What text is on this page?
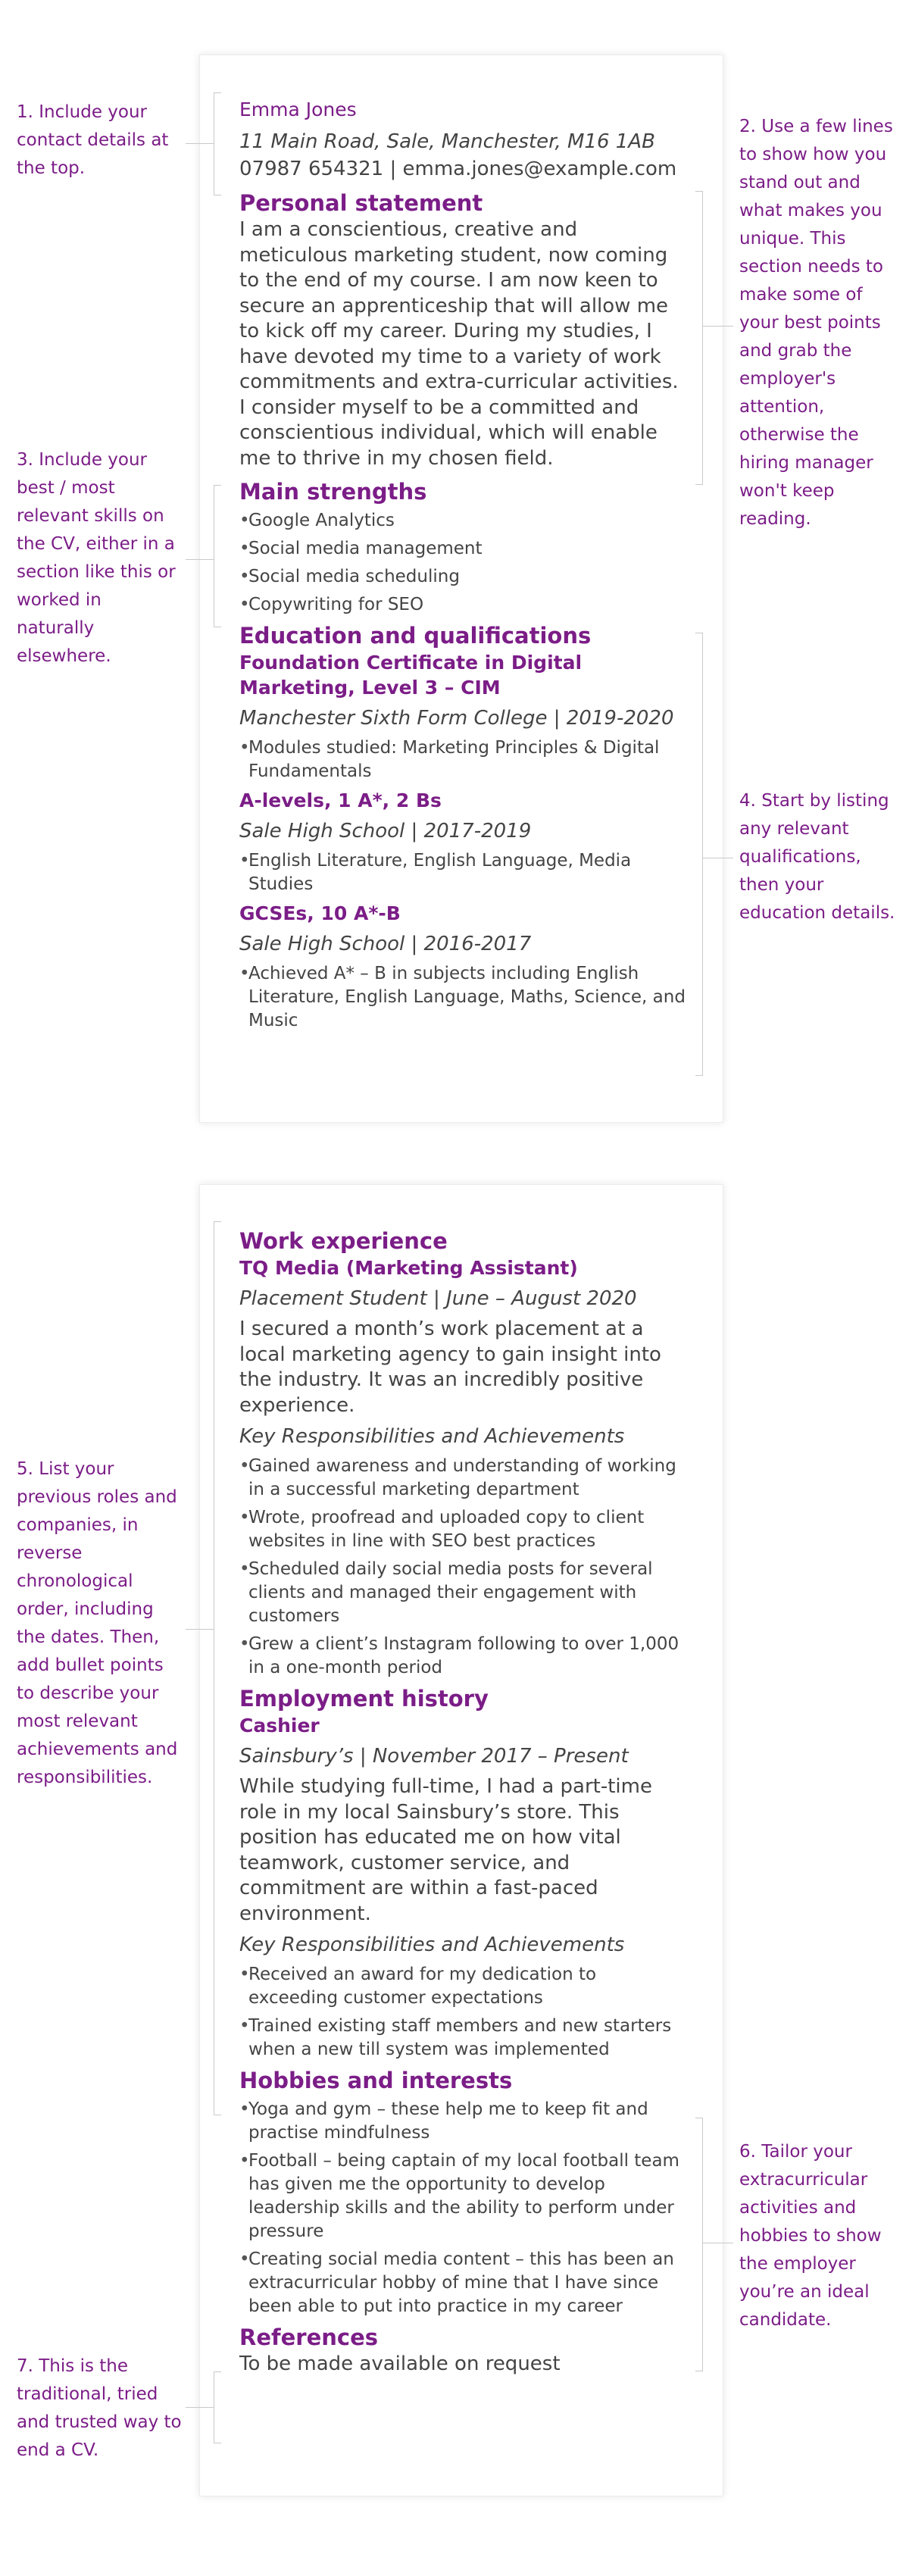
Emma Jones

11 Main Road, Sale, Manchester, M16 1AB

07987 654321 | emma.jones@example.com

Personal statement

I am a conscientious, creative and meticulous marketing student, now coming to the end of my course. I am now keen to secure an apprenticeship that will allow me to kick off my career. During my studies, I have devoted my time to a variety of work commitments and extra-curricular activities. I consider myself to be a committed and conscientious individual, which will enable me to thrive in my chosen field.

Main strengths
• Google Analytics
• Social media management
• Social media scheduling
• Copywriting for SEO
Education and qualifications
Foundation Certificate in Digital Marketing, Level 3 – CIM

Manchester Sixth Form College | 2019-2020

• Modules studied: Marketing Principles & Digital Fundamentals
A-levels, 1 A*, 2 Bs

Sale High School | 2017-2019

• English Literature, English Language, Media Studies
GCSEs, 10 A*-B

Sale High School | 2016-2017

• Achieved A* – B in subjects including English Literature, English Language, Maths, Science, and Music
Work experience
TQ Media (Marketing Assistant)

Placement Student | June – August 2020

I secured a month’s work placement at a local marketing agency to gain insight into the industry. It was an incredibly positive experience.

Key Responsibilities and Achievements

• Gained awareness and understanding of working in a successful marketing department
• Wrote, proofread and uploaded copy to client websites in line with SEO best practices
• Scheduled daily social media posts for several clients and managed their engagement with customers
• Grew a client’s Instagram following to over 1,000 in a one-month period
Employment history
Cashier

Sainsbury’s | November 2017 – Present

While studying full-time, I had a part-time role in my local Sainsbury’s store. This position has educated me on how vital teamwork, customer service, and commitment are within a fast-paced environment.

Key Responsibilities and Achievements

• Received an award for my dedication to exceeding customer expectations
• Trained existing staff members and new starters when a new till system was implemented
Hobbies and interests
• Yoga and gym – these help me to keep fit and practise mindfulness
• Football – being captain of my local football team has given me the opportunity to develop leadership skills and the ability to perform under pressure
• Creating social media content – this has been an extracurricular hobby of mine that I have since been able to put into practice in my career
References

To be made available on request

1. Include your contact details at the top.
2. Use a few lines to show how you stand out and what makes you unique. This section needs to make some of your best points and grab the employer's attention, otherwise the hiring manager won't keep reading.
3. Include your best / most relevant skills on the CV, either in a section like this or worked in naturally elsewhere.
4. Start by listing any relevant qualifications, then your education details.
5. List your previous roles and companies, in reverse chronological order, including the dates. Then, add bullet points to describe your most relevant achievements and responsibilities.
6. Tailor your extracurricular activities and hobbies to show the employer you’re an ideal candidate.
7. This is the traditional, tried and trusted way to end a CV.
